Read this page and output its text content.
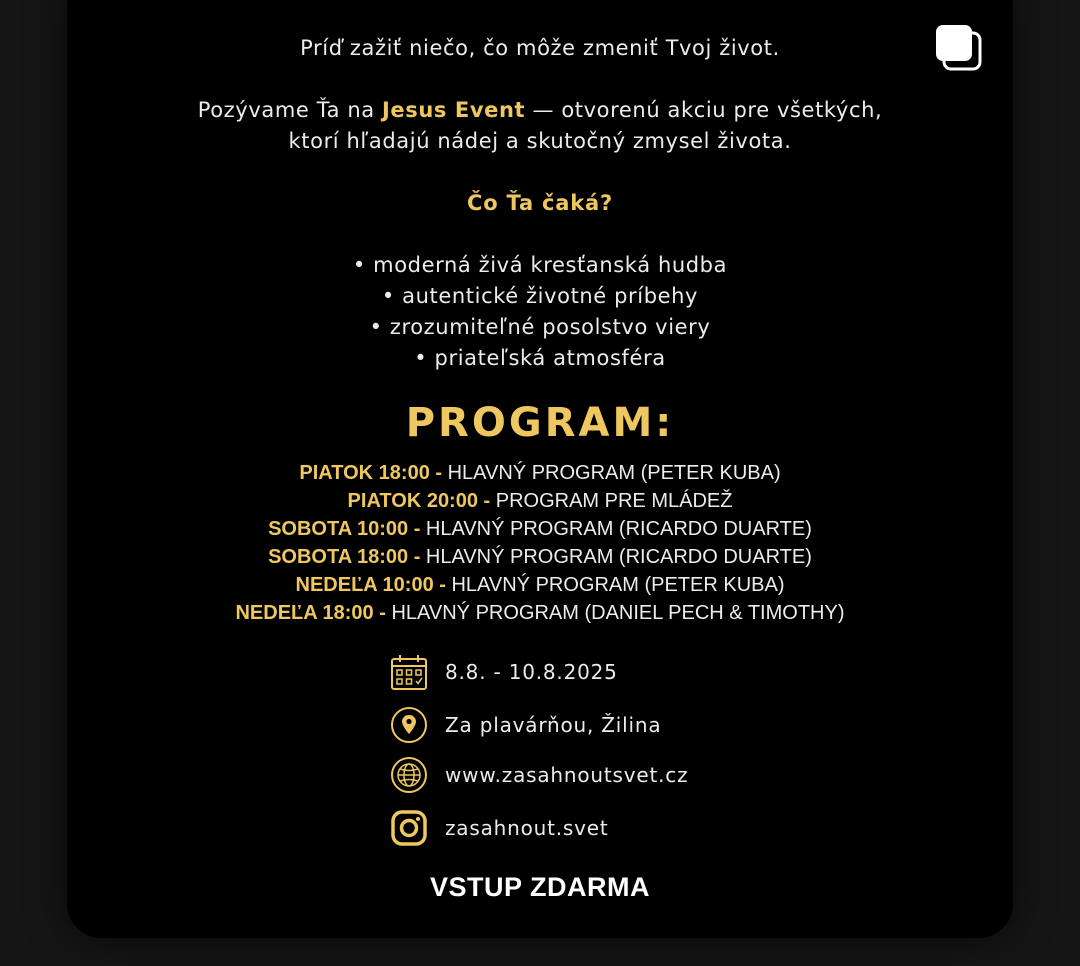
Príď zažiť niečo, čo môže zmeniť Tvoj život.
Pozývame Ťa na Jesus Event — otvorenú akciu pre všetkých,
ktorí hľadajú nádej a skutočný zmysel života.
Čo Ťa čaká?
• moderná živá kresťanská hudba
• autentické životné príbehy
• zrozumiteľné posolstvo viery
• priateľská atmosféra
PROGRAM:
PIATOK 18:00 - HLAVNÝ PROGRAM (PETER KUBA)
PIATOK 20:00 - PROGRAM PRE MLÁDEŽ
SOBOTA 10:00 - HLAVNÝ PROGRAM (RICARDO DUARTE)
SOBOTA 18:00 - HLAVNÝ PROGRAM (RICARDO DUARTE)
NEDEĽA 10:00 - HLAVNÝ PROGRAM (PETER KUBA)
NEDEĽA 18:00 - HLAVNÝ PROGRAM (DANIEL PECH & TIMOTHY)
8.8. - 10.8.2025
Za plavárňou, Žilina
www.zasahnoutsvet.cz
zasahnout.svet
VSTUP ZDARMA
